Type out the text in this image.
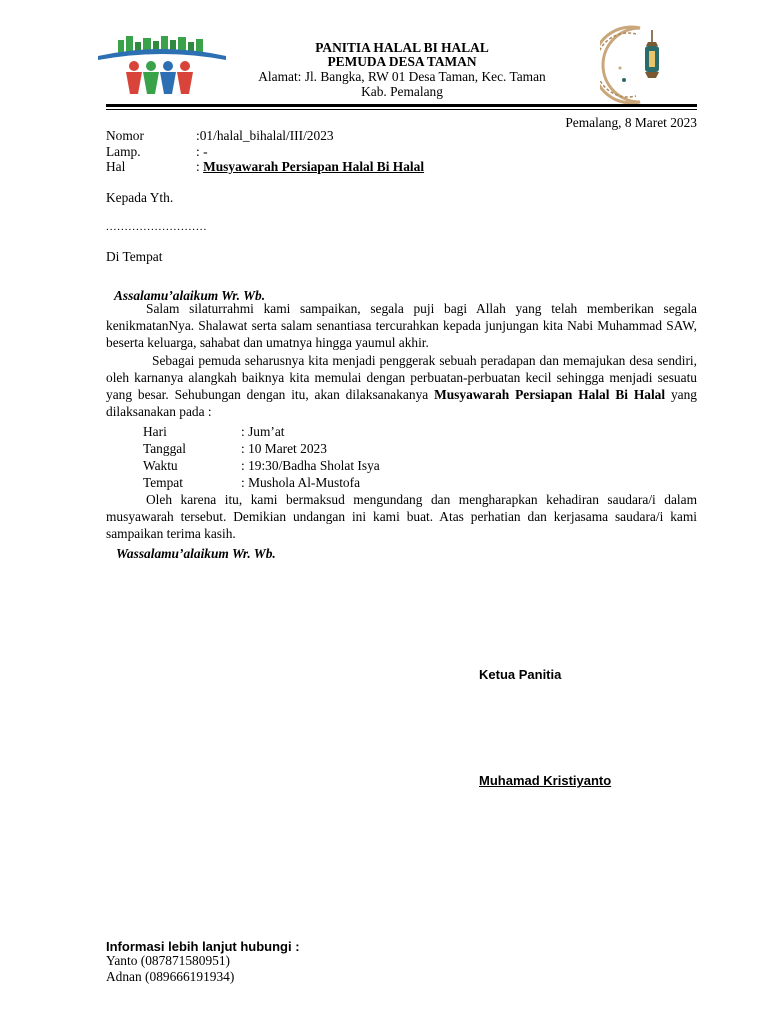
PANITIA HALAL BI HALAL
PEMUDA DESA TAMAN
Alamat: Jl. Bangka, RW 01 Desa Taman, Kec. Taman
Kab. Pemalang
Pemalang, 8 Maret 2023
Nomor	:01/halal_bihalal/III/2023
Lamp.	: -
Hal	: Musyawarah Persiapan Halal Bi Halal
Kepada Yth.
...........................
Di Tempat
Assalamu’alaikum Wr. Wb.
Salam silaturrahmi kami sampaikan, segala puji bagi Allah yang telah memberikan segala kenikmatanNya. Shalawat serta salam senantiasa tercurahkan kepada junjungan kita Nabi Muhammad SAW, beserta keluarga, sahabat dan umatnya hingga yaumul akhir.
Sebagai pemuda seharusnya kita menjadi penggerak sebuah peradapan dan memajukan desa sendiri, oleh karnanya alangkah baiknya kita memulai dengan perbuatan-perbuatan kecil sehingga menjadi sesuatu yang besar. Sehubungan dengan itu, akan dilaksanakanya Musyawarah Persiapan Halal Bi Halal yang dilaksanakan pada :
Hari	: Jum’at
Tanggal	: 10 Maret 2023
Waktu	: 19:30/Badha Sholat Isya
Tempat	: Mushola Al-Mustofa
Oleh karena itu, kami bermaksud mengundang dan mengharapkan kehadiran saudara/i dalam musyawarah tersebut. Demikian undangan ini kami buat. Atas perhatian dan kerjasama saudara/i kami sampaikan terima kasih.
Wassalamu’alaikum Wr. Wb.
Ketua Panitia
Muhamad Kristiyanto
Informasi lebih lanjut hubungi :
Yanto (087871580951)
Adnan (089666191934)
